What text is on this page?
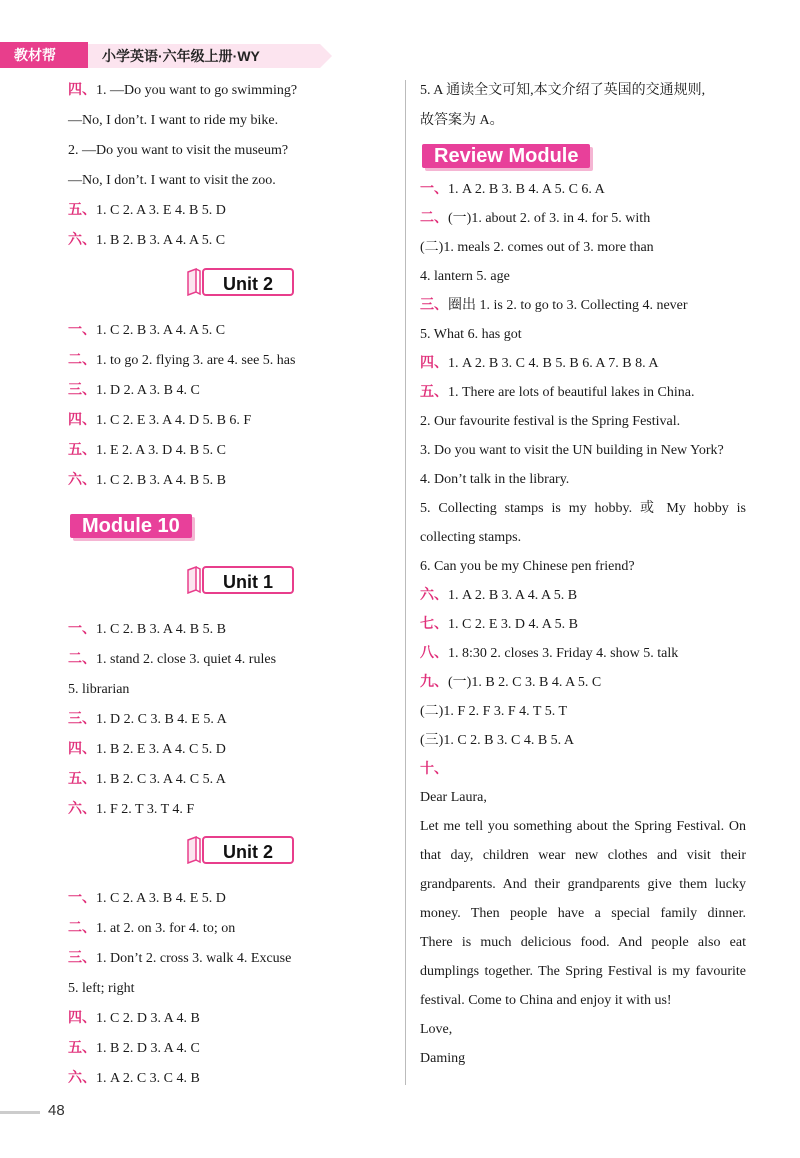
教材帮	小学英语·六年级上册·WY
四、1. —Do you want to go swimming?
—No, I don’t. I want to ride my bike.
2. —Do you want to visit the museum?
—No, I don’t. I want to visit the zoo.
五、1. C 2. A 3. E 4. B 5. D
六、1. B 2. B 3. A 4. A 5. C
Unit 2
一、1. C 2. B 3. A 4. A 5. C
二、1. to go 2. flying 3. are 4. see 5. has
三、1. D 2. A 3. B 4. C
四、1. C 2. E 3. A 4. D 5. B 6. F
五、1. E 2. A 3. D 4. B 5. C
六、1. C 2. B 3. A 4. B 5. B
Module 10
Unit 1
一、1. C 2. B 3. A 4. B 5. B
二、1. stand 2. close 3. quiet 4. rules
5. librarian
三、1. D 2. C 3. B 4. E 5. A
四、1. B 2. E 3. A 4. C 5. D
五、1. B 2. C 3. A 4. C 5. A
六、1. F 2. T 3. T 4. F
Unit 2
一、1. C 2. A 3. B 4. E 5. D
二、1. at 2. on 3. for 4. to; on
三、1. Don’t 2. cross 3. walk 4. Excuse
5. left; right
四、1. C 2. D 3. A 4. B
五、1. B 2. D 3. A 4. C
六、1. A 2. C 3. C 4. B
5. A 通读全文可知,本文介绍了英国的交通规则,
故答案为 A。
Review Module
一、1. A 2. B 3. B 4. A 5. C 6. A
二、(一)1. about 2. of 3. in 4. for 5. with
(二)1. meals 2. comes out of 3. more than
4. lantern 5. age
三、圈出 1. is 2. to go to 3. Collecting 4. never
5. What 6. has got
四、1. A 2. B 3. C 4. B 5. B 6. A 7. B 8. A
五、1. There are lots of beautiful lakes in China.
2. Our favourite festival is the Spring Festival.
3. Do you want to visit the UN building in New York?
4. Don’t talk in the library.
5. Collecting stamps is my hobby. 或 My hobby is
collecting stamps.
6. Can you be my Chinese pen friend?
六、1. A 2. B 3. A 4. A 5. B
七、1. C 2. E 3. D 4. A 5. B
八、1. 8:30 2. closes 3. Friday 4. show 5. talk
九、(一)1. B 2. C 3. B 4. A 5. C
(二)1. F 2. F 3. F 4. T 5. T
(三)1. C 2. B 3. C 4. B 5. A
十、
Dear Laura,
Let me tell you something about the Spring Festival. On
that day, children wear new clothes and visit their
grandparents. And their grandparents give them lucky
money. Then people have a special family dinner.
There is much delicious food. And people also eat
dumplings together. The Spring Festival is my favourite
festival. Come to China and enjoy it with us!
Love,
Daming
48
